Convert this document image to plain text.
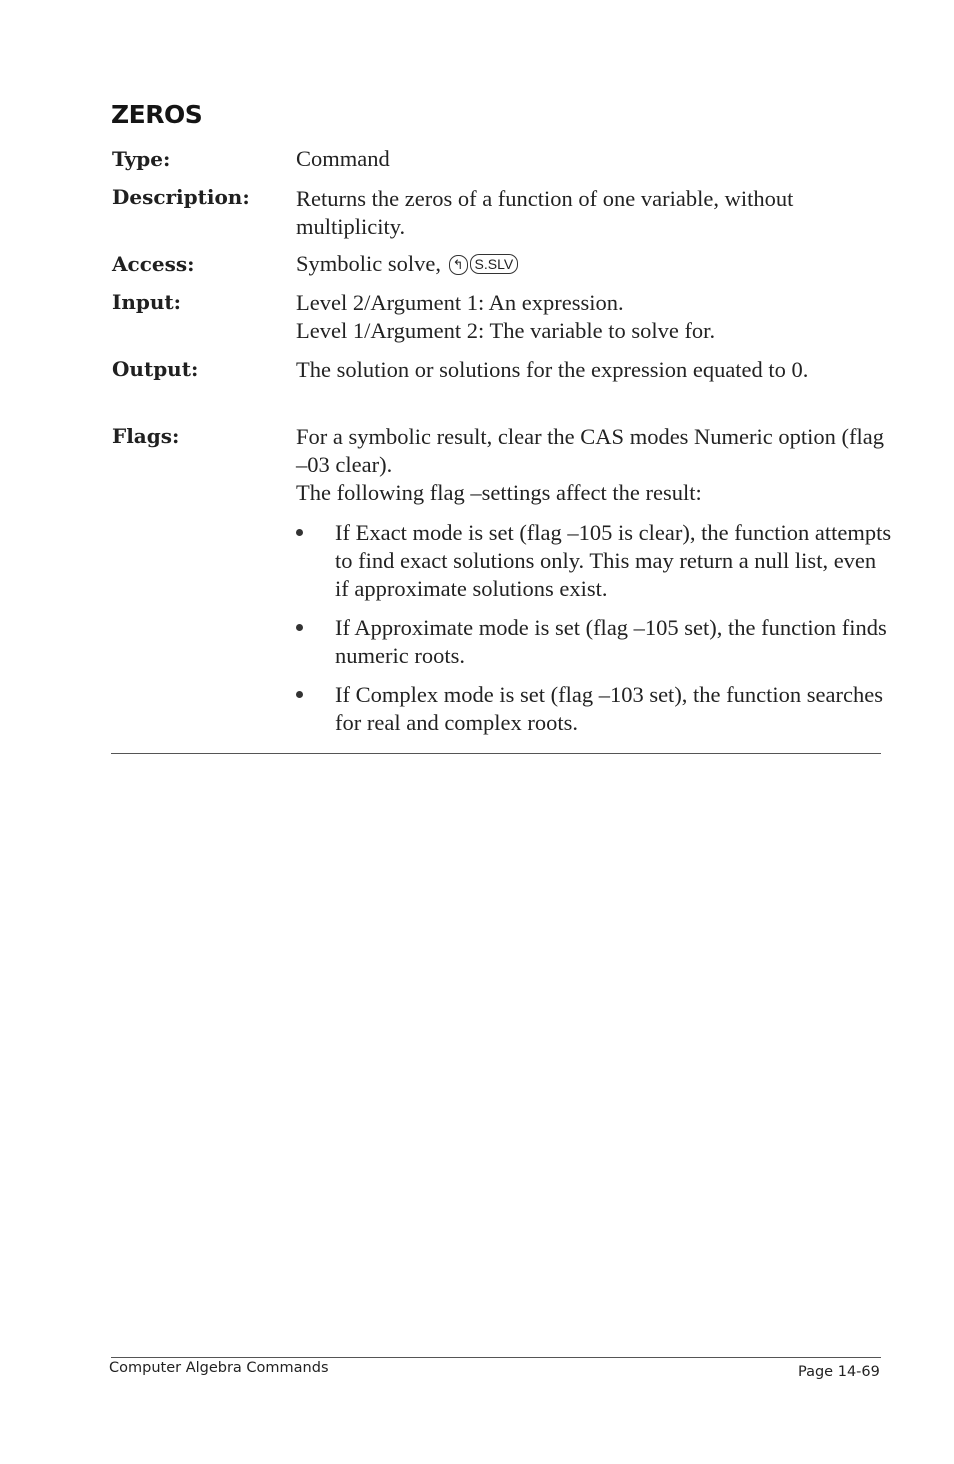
ZEROS
Type:	Command
Description: Returns the zeros of a function of one variable, without multiplicity.
Access:	Symbolic solve, ↰ S.SLV
Input:	Level 2/Argument 1: An expression.

Level 1/Argument 2: The variable to solve for.

Output:	The solution or solutions for the expression equated to 0.
Flags:	For a symbolic result, clear the CAS modes Numeric option (flag –03 clear).

The following flag –settings affect the result:

If Exact mode is set (flag –105 is clear), the function attempts to find exact solutions only. This may return a null list, even if approximate solutions exist.
If Approximate mode is set (flag –105 set), the function finds numeric roots.
If Complex mode is set (flag –103 set), the function searches for real and complex roots.
Computer Algebra Commands	Page 14-69
